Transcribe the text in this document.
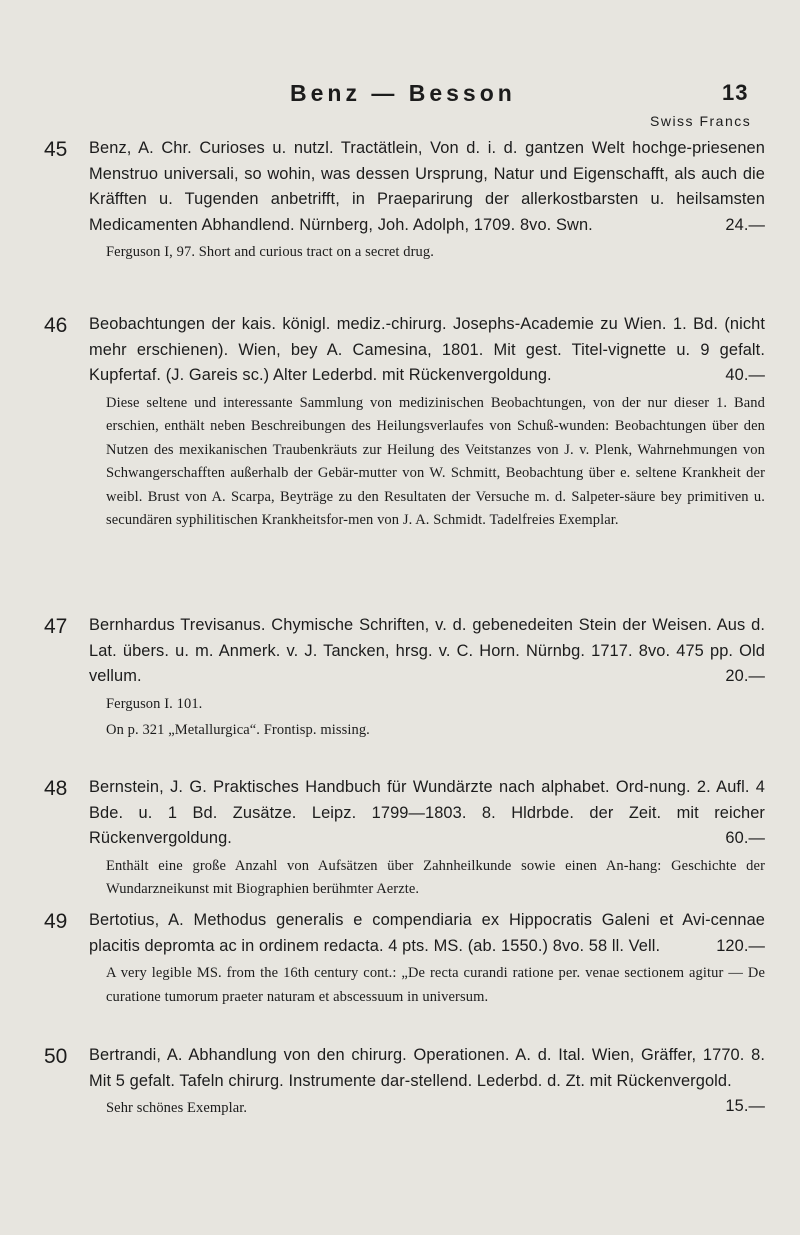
Benz — Besson	13
Swiss Francs
45 Benz, A. Chr. Curioses u. nutzl. Tractätlein, Von d. i. d. gantzen Welt hochge-priesenen Menstruo universali, so wohin, was dessen Ursprung, Natur und Eigenschafft, als auch die Kräfften u. Tugenden anbetrifft, in Praeparirung der allerkostbarsten u. heilsamsten Medicamenten Abhandlend. Nürnberg, Joh. Adolph, 1709. 8vo. Swn.	24.—
Ferguson I, 97. Short and curious tract on a secret drug.
46 Beobachtungen der kais. königl. mediz.-chirurg. Josephs-Academie zu Wien. 1. Bd. (nicht mehr erschienen). Wien, bey A. Camesina, 1801. Mit gest. Titel-vignette u. 9 gefalt. Kupfertaf. (J. Gareis sc.) Alter Lederbd. mit Rückenvergoldung.	40.—
Diese seltene und interessante Sammlung von medizinischen Beobachtungen, von der nur dieser 1. Band erschien, enthält neben Beschreibungen des Heilungsverlaufes von Schuß-wunden: Beobachtungen über den Nutzen des mexikanischen Traubenkräuts zur Heilung des Veitstanzes von J. v. Plenk, Wahrnehmungen von Schwangerschafften außerhalb der Gebär-mutter von W. Schmitt, Beobachtung über e. seltene Krankheit der weibl. Brust von A. Scarpa, Beyträge zu den Resultaten der Versuche m. d. Salpeter-säure bey primitiven u. secundären syphilitischen Krankheitsfor-men von J. A. Schmidt. Tadelfreies Exemplar.
47 Bernhardus Trevisanus. Chymische Schriften, v. d. gebenedeiten Stein der Weisen. Aus d. Lat. übers. u. m. Anmerk. v. J. Tancken, hrsg. v. C. Horn. Nürnbg. 1717. 8vo. 475 pp. Old vellum.	20.—
Ferguson I. 101.
On p. 321 „Metallurgica“. Frontisp. missing.
48 Bernstein, J. G. Praktisches Handbuch für Wundärzte nach alphabet. Ord-nung. 2. Aufl. 4 Bde. u. 1 Bd. Zusätze. Leipz. 1799—1803. 8. Hldrbde. der Zeit. mit reicher Rückenvergoldung.	60.—
Enthält eine große Anzahl von Aufsätzen über Zahnheilkunde sowie einen An-hang: Geschichte der Wundarzneikunst mit Biographien berühmter Aerzte.
49 Bertotius, A. Methodus generalis e compendiaria ex Hippocratis Galeni et Avi-cennae placitis depromta ac in ordinem redacta. 4 pts. MS. (ab. 1550.) 8vo. 58 ll. Vell.	120.—
A very legible MS. from the 16th century cont.: „De recta curandi ratione per. venae sectionem agitur — De curatione tumorum praeter naturam et abscessuum in universum.
50 Bertrandi, A. Abhandlung von den chirurg. Operationen. A. d. Ital. Wien, Gräffer, 1770. 8. Mit 5 gefalt. Tafeln chirurg. Instrumente dar-stellend. Lederbd. d. Zt. mit Rückenvergold.
15.—
Sehr schönes Exemplar.
